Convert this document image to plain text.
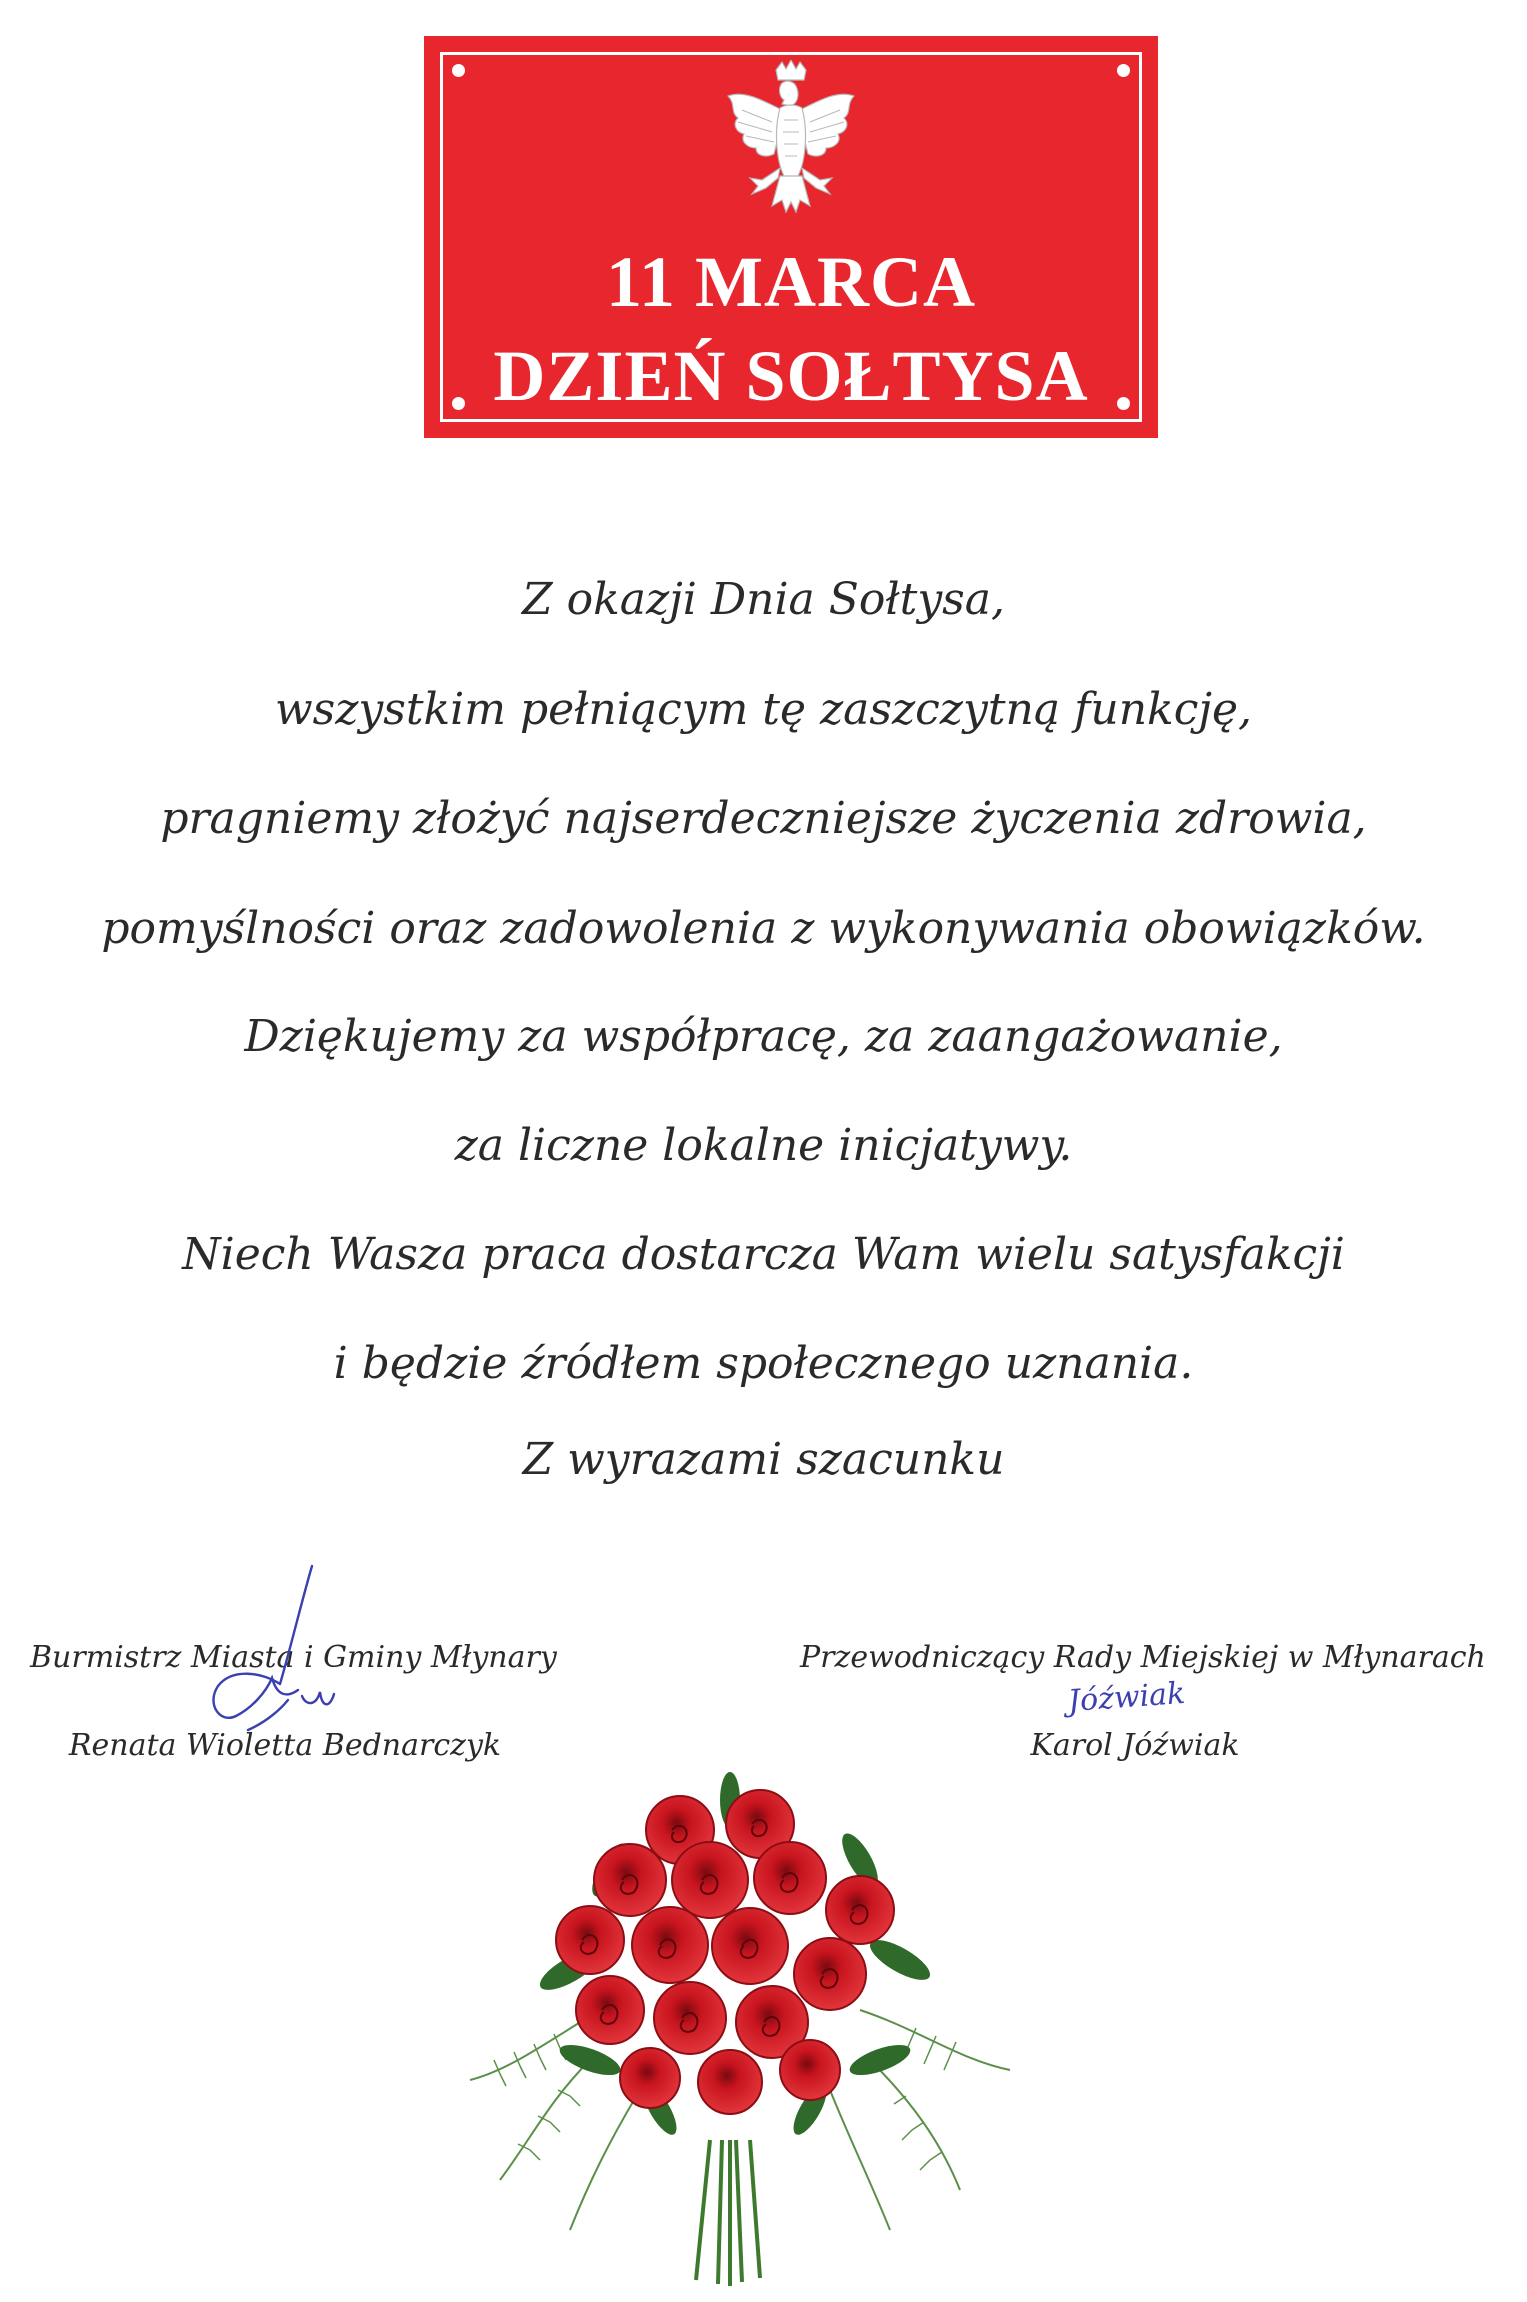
11 MARCA
DZIEŃ SOŁTYSA
Z okazji Dnia Sołtysa,
wszystkim pełniącym tę zaszczytną funkcję,
pragniemy złożyć najserdeczniejsze życzenia zdrowia,
pomyślności oraz zadowolenia z wykonywania obowiązków.
Dziękujemy za współpracę, za zaangażowanie,
za liczne lokalne inicjatywy.
Niech Wasza praca dostarcza Wam wielu satysfakcji
i będzie źródłem społecznego uznania.
Z wyrazami szacunku
Burmistrz Miasta i Gminy Młynary
Renata Wioletta Bednarczyk
Przewodniczący Rady Miejskiej w Młynarach
Karol Jóźwiak
Jóźwiak
